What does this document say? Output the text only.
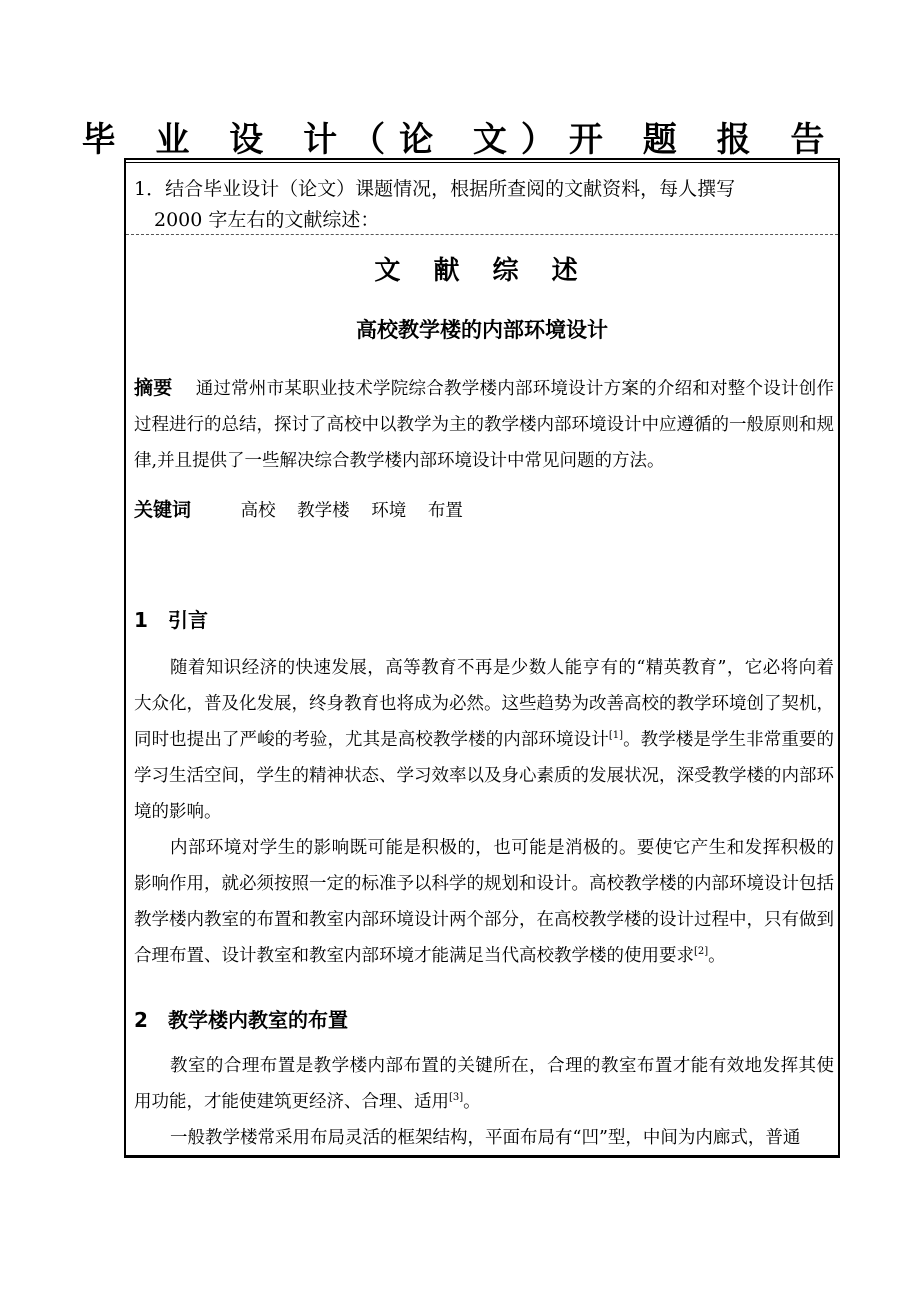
毕 业 设 计（论 文）开 题 报 告

1．结合毕业设计（论文）课题情况，根据所查阅的文献资料，每人撰写
2000 字左右的文献综述：

文 献 综 述
高校教学楼的内部环境设计

摘要 通过常州市某职业技术学院综合教学楼内部环境设计方案的介绍和对整个设计创作过程进行的总结，探讨了高校中以教学为主的教学楼内部环境设计中应遵循的一般原则和规律,并且提供了一些解决综合教学楼内部环境设计中常见问题的方法。

关键词	高校 教学楼 环境 布置

1 引言

随着知识经济的快速发展，高等教育不再是少数人能亨有的“精英教育”，它必将向着大众化，普及化发展，终身教育也将成为必然。这些趋势为改善高校的教学环境创了契机，同时也提出了严峻的考验，尤其是高校教学楼的内部环境设计[1]。教学楼是学生非常重要的学习生活空间，学生的精神状态、学习效率以及身心素质的发展状况，深受教学楼的内部环境的影响。

内部环境对学生的影响既可能是积极的，也可能是消极的。要使它产生和发挥积极的影响作用，就必须按照一定的标准予以科学的规划和设计。高校教学楼的内部环境设计包括教学楼内教室的布置和教室内部环境设计两个部分，在高校教学楼的设计过程中，只有做到合理布置、设计教室和教室内部环境才能满足当代高校教学楼的使用要求[2]。

2 教学楼内教室的布置

教室的合理布置是教学楼内部布置的关键所在，合理的教室布置才能有效地发挥其使用功能，才能使建筑更经济、合理、适用[3]。

一般教学楼常采用布局灵活的框架结构，平面布局有“凹”型，中间为内廊式，普通
